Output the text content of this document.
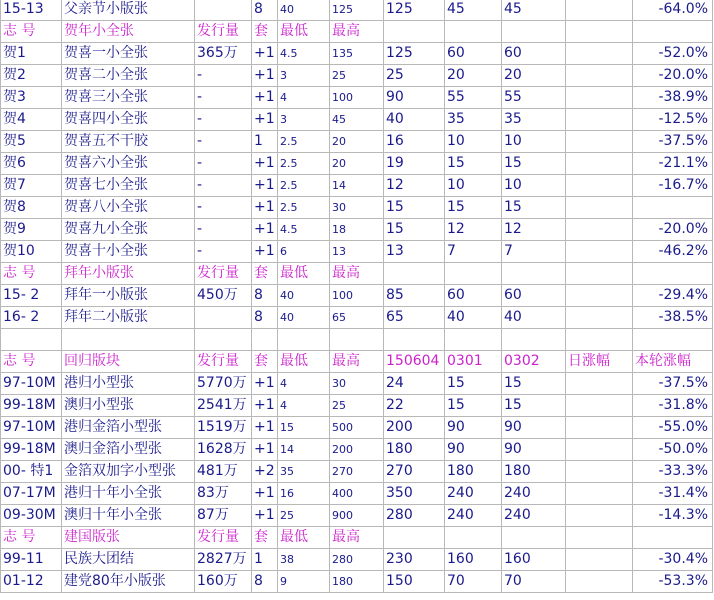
15-13	父亲节小版张		8	40	125	125	45	45		-64.0%
志 号	贺年小全张	发行量	套	最低	最高					
贺1	贺喜一小全张	365万	+1	4.5	135	125	60	60		-52.0%
贺2	贺喜二小全张	-	+1	3	25	25	20	20		-20.0%
贺3	贺喜三小全张	-	+1	4	100	90	55	55		-38.9%
贺4	贺喜四小全张	-	+1	3	45	40	35	35		-12.5%
贺5	贺喜五不干胶	-	1	2.5	20	16	10	10		-37.5%
贺6	贺喜六小全张	-	+1	2.5	20	19	15	15		-21.1%
贺7	贺喜七小全张	-	+1	2.5	14	12	10	10		-16.7%
贺8	贺喜八小全张	-	+1	2.5	30	15	15	15		
贺9	贺喜九小全张	-	+1	4.5	18	15	12	12		-20.0%
贺10	贺喜十小全张	-	+1	6	13	13	7	7		-46.2%
志 号	拜年小版张	发行量	套	最低	最高					
15- 2	拜年一小版张	450万	8	40	100	85	60	60		-29.4%
16- 2	拜年二小版张		8	40	65	65	40	40		-38.5%

志 号	回归版块	发行量	套	最低	最高	150604	0301	0302	日涨幅	本轮涨幅
97-10M	港归小型张	5770万	+1	4	30	24	15	15		-37.5%
99-18M	澳归小型张	2541万	+1	4	25	22	15	15		-31.8%
97-10M	港归金箔小型张	1519万	+1	15	500	200	90	90		-55.0%
99-18M	澳归金箔小型张	1628万	+1	14	200	180	90	90		-50.0%
00- 特1	金箔双加字小型张	481万	+2	35	270	270	180	180		-33.3%
07-17M	港归十年小全张	83万	+1	16	400	350	240	240		-31.4%
09-30M	澳归十年小全张	87万	+1	25	900	280	240	240		-14.3%
志 号	建国版张	发行量	套	最低	最高					
99-11	民族大团结	2827万	1	38	280	230	160	160		-30.4%
01-12	建党80年小版张	160万	8	9	180	150	70	70		-53.3%
